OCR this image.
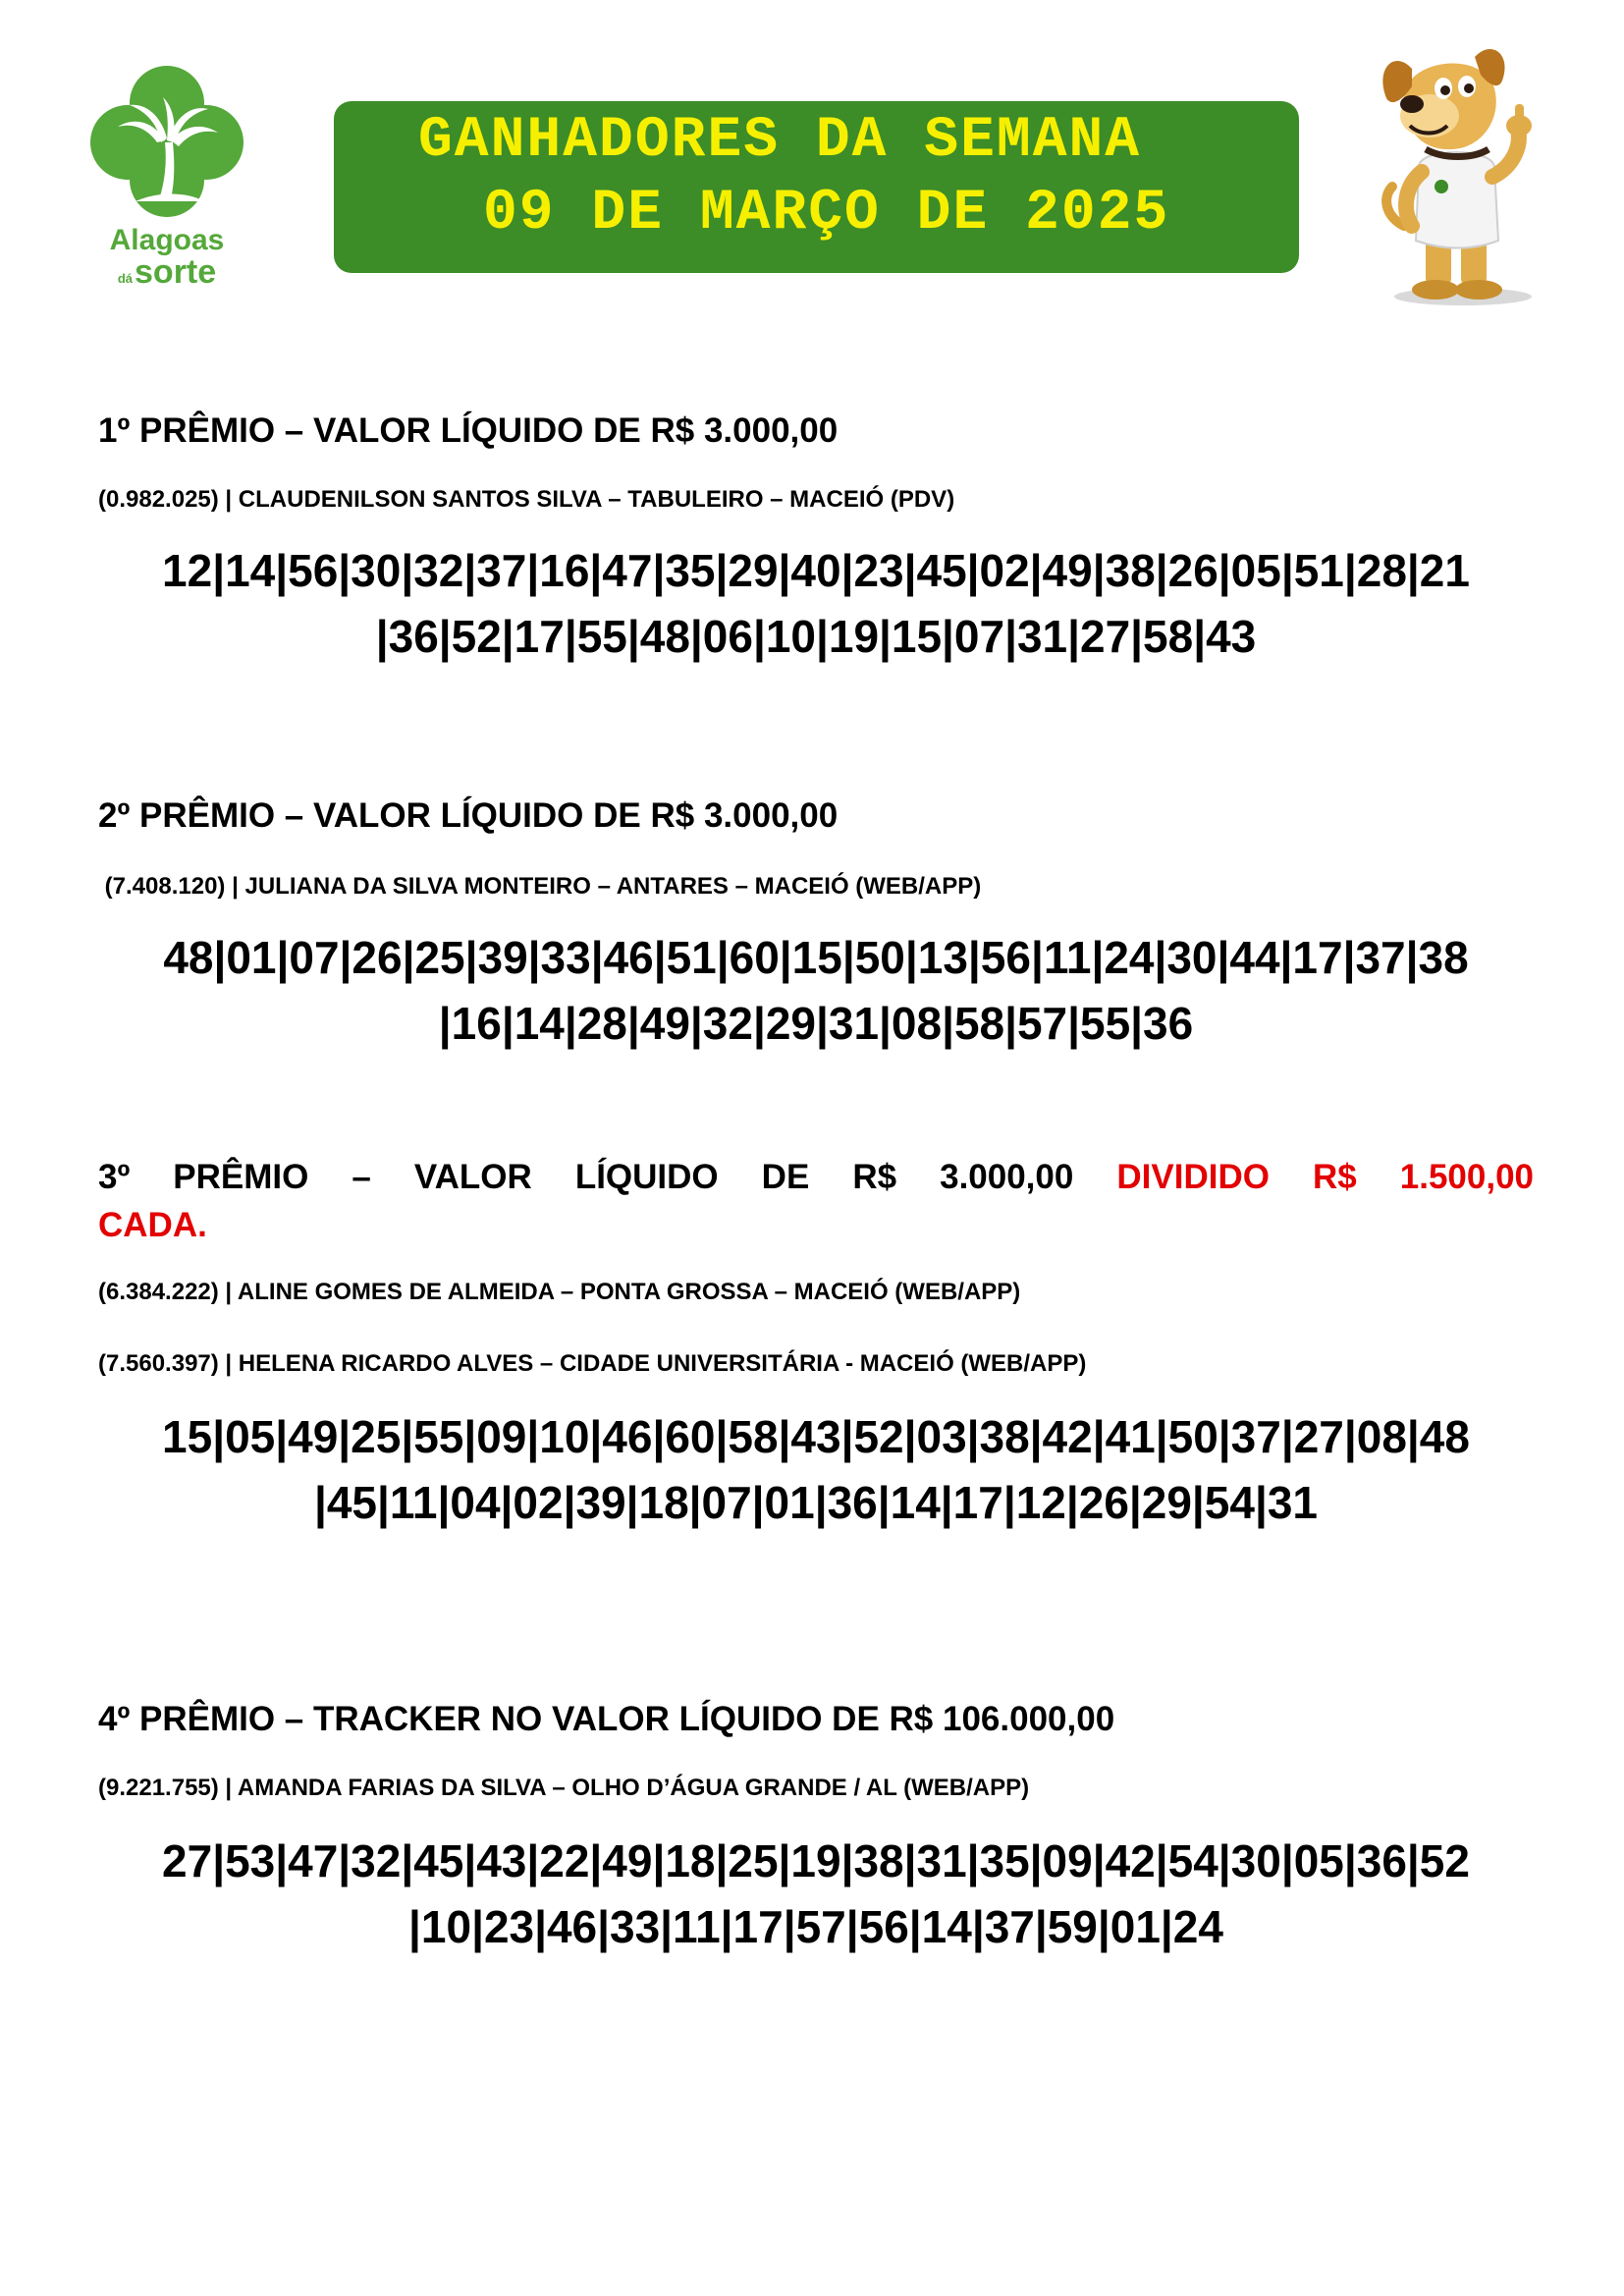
Alagoas
dásorte
GANHADORES DA SEMANA
09 DE MARÇO DE 2025

1º PRÊMIO – VALOR LÍQUIDO DE R$ 3.000,00

(0.982.025) | CLAUDENILSON SANTOS SILVA – TABULEIRO – MACEIÓ (PDV)

12|14|56|30|32|37|16|47|35|29|40|23|45|02|49|38|26|05|51|28|21
|36|52|17|55|48|06|10|19|15|07|31|27|58|43

2º PRÊMIO – VALOR LÍQUIDO DE R$ 3.000,00

(7.408.120) | JULIANA DA SILVA MONTEIRO – ANTARES – MACEIÓ (WEB/APP)

48|01|07|26|25|39|33|46|51|60|15|50|13|56|11|24|30|44|17|37|38
|16|14|28|49|32|29|31|08|58|57|55|36

3º PRÊMIO – VALOR LÍQUIDO DE R$ 3.000,00 DIVIDIDO R$ 1.500,00

CADA.

(6.384.222) | ALINE GOMES DE ALMEIDA – PONTA GROSSA – MACEIÓ (WEB/APP)

(7.560.397) | HELENA RICARDO ALVES – CIDADE UNIVERSITÁRIA - MACEIÓ (WEB/APP)

15|05|49|25|55|09|10|46|60|58|43|52|03|38|42|41|50|37|27|08|48
|45|11|04|02|39|18|07|01|36|14|17|12|26|29|54|31

4º PRÊMIO – TRACKER NO VALOR LÍQUIDO DE R$ 106.000,00

(9.221.755) | AMANDA FARIAS DA SILVA – OLHO D’ÁGUA GRANDE / AL (WEB/APP)

27|53|47|32|45|43|22|49|18|25|19|38|31|35|09|42|54|30|05|36|52
|10|23|46|33|11|17|57|56|14|37|59|01|24
